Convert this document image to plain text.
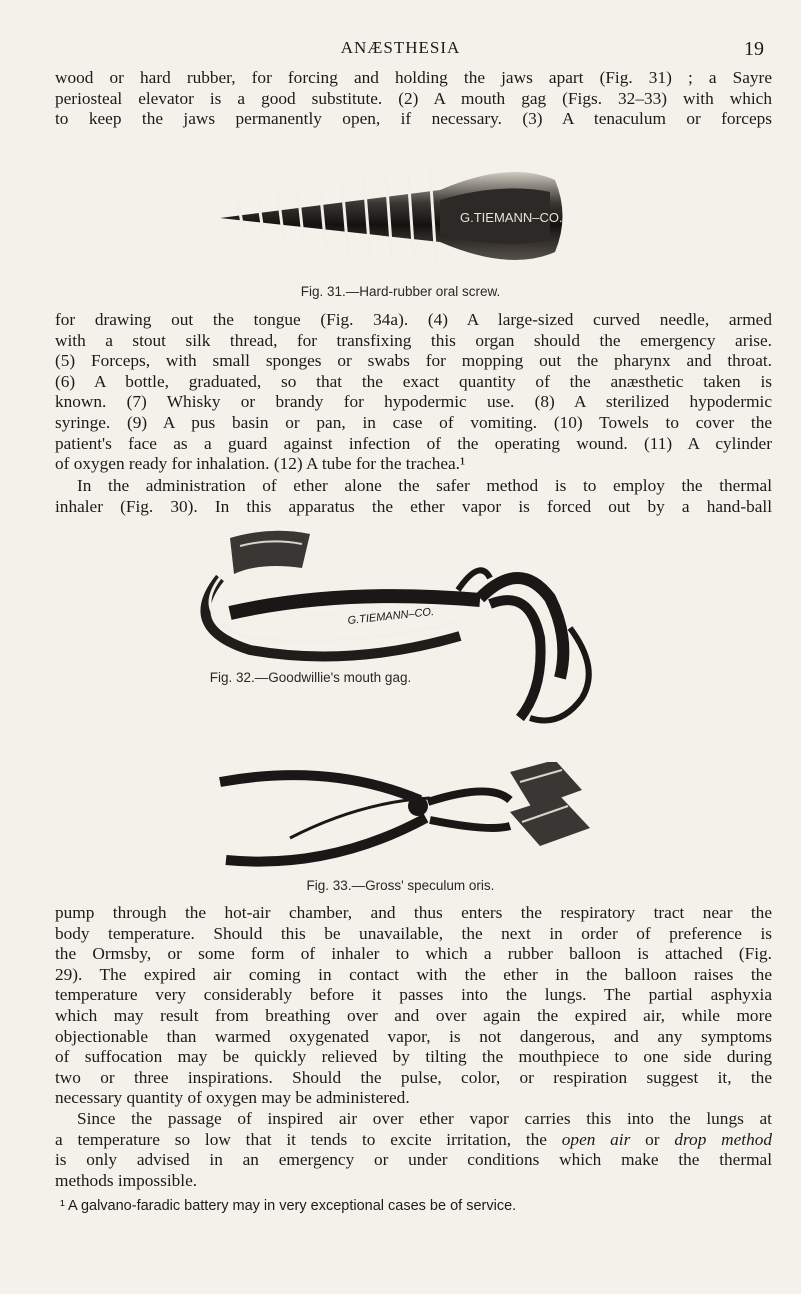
ANÆSTHESIA	19
wood or hard rubber, for forcing and holding the jaws apart (Fig. 31) ; a Sayre
periosteal elevator is a good substitute. (2) A mouth gag (Figs. 32–33) with which
to keep the jaws permanently open, if necessary. (3) A tenaculum or forceps
G.TIEMANN–CO.
Fig. 31.—Hard-rubber oral screw.
for drawing out the tongue (Fig. 34a). (4) A large-sized curved needle, armed
with a stout silk thread, for transfixing this organ should the emergency arise.
(5) Forceps, with small sponges or swabs for mopping out the pharynx and throat.
(6) A bottle, graduated, so that the exact quantity of the anæsthetic taken is
known. (7) Whisky or brandy for hypodermic use. (8) A sterilized hypodermic
syringe. (9) A pus basin or pan, in case of vomiting. (10) Towels to cover the
patient's face as a guard against infection of the operating wound. (11) A cylinder
of oxygen ready for inhalation. (12) A tube for the trachea.¹
In the administration of ether alone the safer method is to employ the thermal
inhaler (Fig. 30). In this apparatus the ether vapor is forced out by a hand-ball
G.TIEMANN–CO.
Fig. 32.—Goodwillie's mouth gag.
Fig. 33.—Gross' speculum oris.
pump through the hot-air chamber, and thus enters the respiratory tract near the
body temperature. Should this be unavailable, the next in order of preference is
the Ormsby, or some form of inhaler to which a rubber balloon is attached (Fig.
29). The expired air coming in contact with the ether in the balloon raises the
temperature very considerably before it passes into the lungs. The partial asphyxia
which may result from breathing over and over again the expired air, while more
objectionable than warmed oxygenated vapor, is not dangerous, and any symptoms
of suffocation may be quickly relieved by tilting the mouthpiece to one side during
two or three inspirations. Should the pulse, color, or respiration suggest it, the
necessary quantity of oxygen may be administered.
Since the passage of inspired air over ether vapor carries this into the lungs at
a temperature so low that it tends to excite irritation, the open air or drop method
is only advised in an emergency or under conditions which make the thermal
methods impossible.
¹ A galvano-faradic battery may in very exceptional cases be of service.
